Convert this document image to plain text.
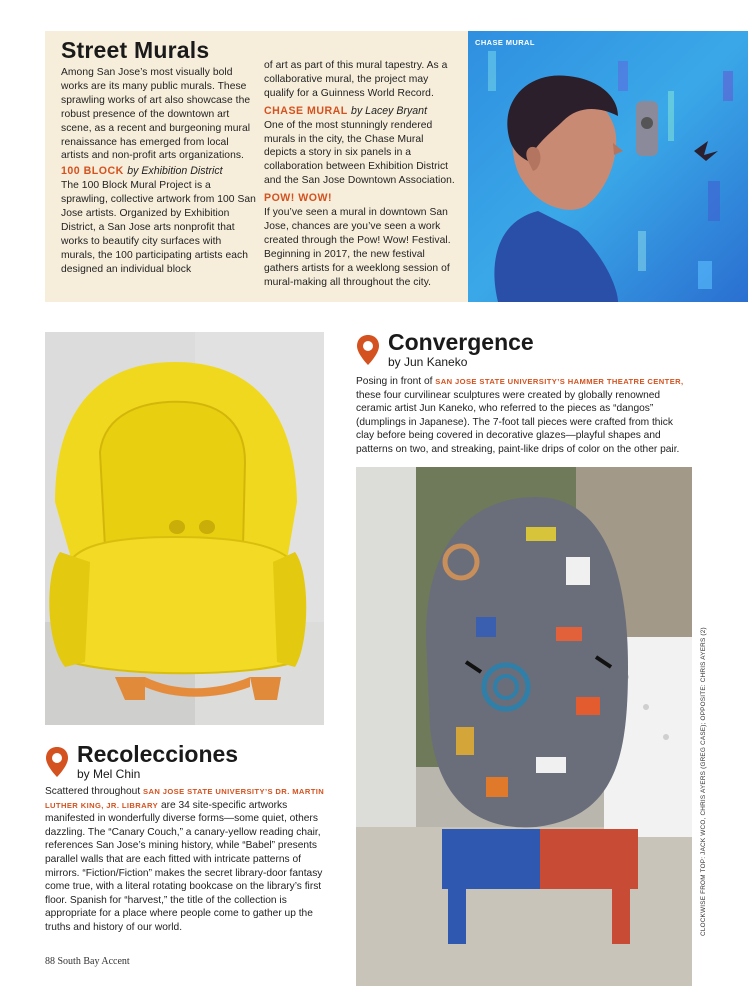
Street Murals

Among San Jose’s most visually bold works are its many public murals. These sprawling works of art also showcase the robust presence of the downtown art scene, as a recent and burgeoning mural renaissance has emerged from local artists and non-profit arts organizations.

100 BLOCK by Exhibition District

The 100 Block Mural Project is a sprawling, collective artwork from 100 San Jose artists. Organized by Exhibition District, a San Jose arts nonprofit that works to beautify city surfaces with murals, the 100 participating artists each designed an individual block

of art as part of this mural tapestry. As a collaborative mural, the project may qualify for a Guinness World Record.

CHASE MURAL by Lacey Bryant

One of the most stunningly rendered murals in the city, the Chase Mural depicts a story in six panels in a collaboration between Exhibition District and the San Jose Downtown Association.

POW! WOW!

If you’ve seen a mural in downtown San Jose, chances are you’ve seen a work created through the Pow! Wow! Festival. Beginning in 2017, the new festival gathers artists for a weeklong session of mural-making all throughout the city.

CHASE MURAL
Convergence

by Jun Kaneko

Posing in front of SAN JOSE STATE UNIVERSITY’S HAMMER THEATRE CENTER, these four curvilinear sculptures were created by globally renowned ceramic artist Jun Kaneko, who referred to the pieces as “dangos” (dumplings in Japanese). The 7-foot tall pieces were crafted from thick clay before being covered in decorative glazes—playful shapes and patterns on two, and streaking, paint-like drips of color on the other pair.

Recolecciones

by Mel Chin

Scattered throughout SAN JOSE STATE UNIVERSITY’S DR. MARTIN LUTHER KING, JR. LIBRARY are 34 site-specific artworks manifested in wonderfully diverse forms—some quiet, others dazzling. The “Canary Couch,” a canary-yellow reading chair, references San Jose’s mining history, while “Babel” presents parallel walls that are each fitted with intricate patterns of mirrors. “Fiction/Fiction” makes the secret library-door fantasy come true, with a literal rotating bookcase on the library’s first floor. Spanish for “harvest,” the title of the collection is appropriate for a place where people come to gather up the truths and history of our world.	CLOCKWISE FROM TOP: JACK WCO, CHRIS AYERS (GREG CASE); OPPOSITE: CHRIS AYERS (2)
88 South Bay Accent
